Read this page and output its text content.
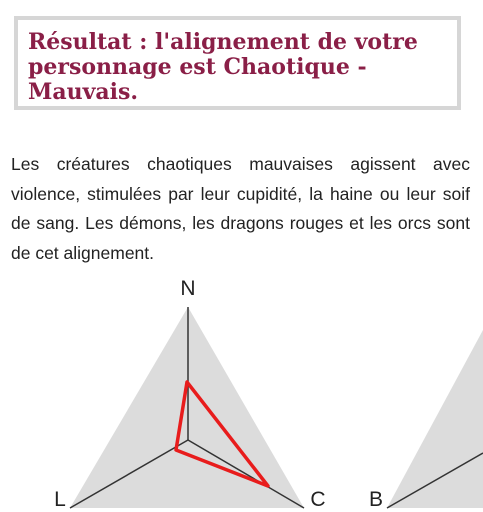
Résultat : l'alignement de votre personnage est Chaotique - Mauvais.

Les créatures chaotiques mauvaises agissent avec violence, stimulées par leur cupidité, la haine ou leur soif de sang. Les démons, les dragons rouges et les orcs sont de cet alignement.

N
L	C B
